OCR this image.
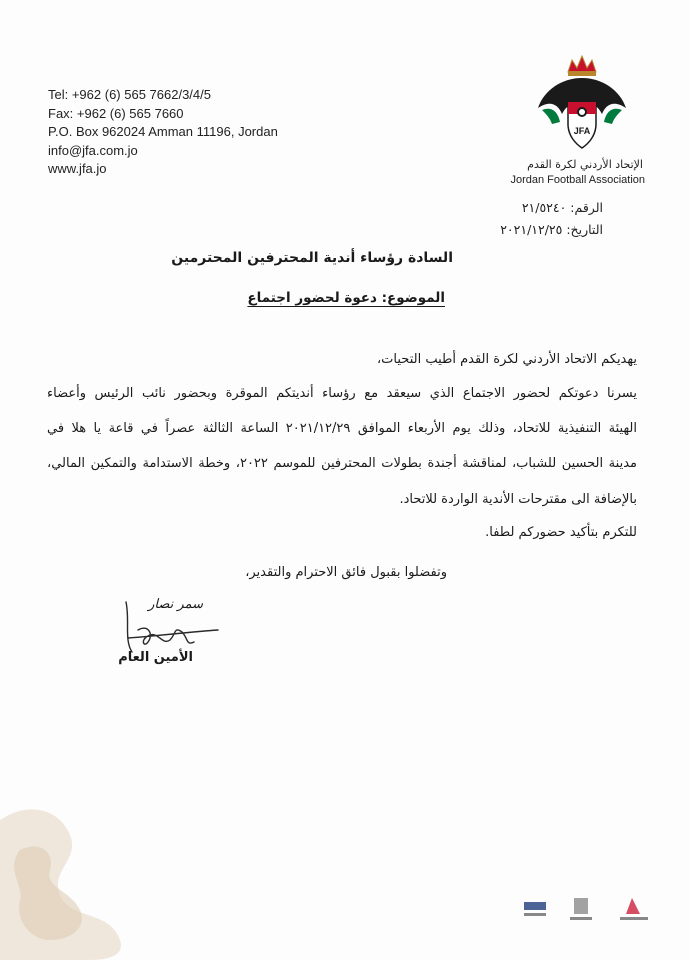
Tel: +962 (6) 565 7662/3/4/5
Fax: +962 (6) 565 7660
P.O. Box 962024 Amman 11196, Jordan
info@jfa.com.jo
www.jfa.jo
JFA
الإتحاد الأردني لكرة القدم
Jordan Football Association
الرقم: ٢١/٥٢٤٠
التاريخ: ٢٠٢١/١٢/٢٥
السادة رؤساء أندية المحترفين المحترمين
الموضوع: دعوة لحضور اجتماع
يهديكم الاتحاد الأردني لكرة القدم أطيب التحيات،
يسرنا دعوتكم لحضور الاجتماع الذي سيعقد مع رؤساء أنديتكم الموقرة وبحضور نائب الرئيس وأعضاء
الهيئة التنفيذية للاتحاد، وذلك يوم الأربعاء الموافق ٢٠٢١/١٢/٢٩ الساعة الثالثة عصراً في قاعة يا هلا في
مدينة الحسين للشباب، لمناقشة أجندة بطولات المحترفين للموسم ٢٠٢٢، وخطة الاستدامة والتمكين المالي،
بالإضافة الى مقترحات الأندية الواردة للاتحاد.
للتكرم بتأكيد حضوركم لطفا.
وتفضلوا بقبول فائق الاحترام والتقدير،
سمر نصار
الأمين العام
